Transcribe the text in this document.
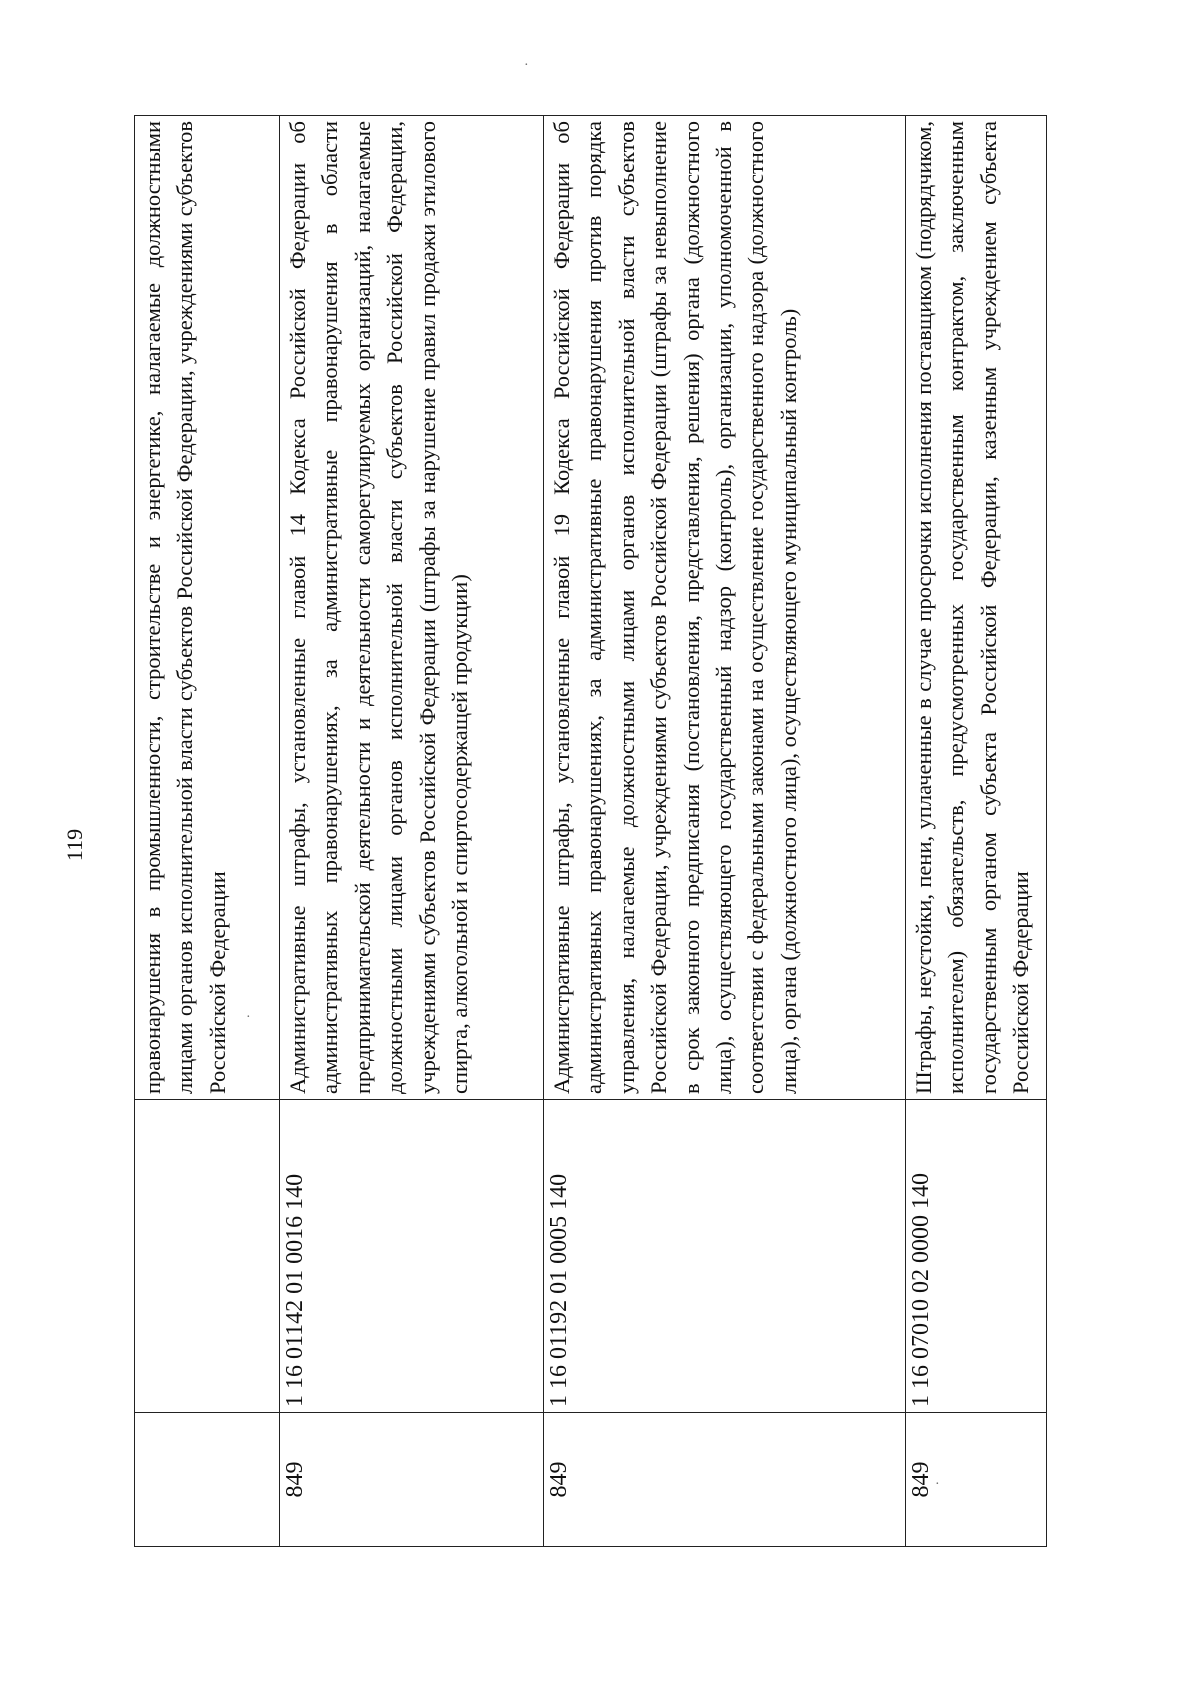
119
·
·
·
		правонарушения в промышленности, строительстве и энергетике, налагаемые должностными лицами органов исполнительной власти субъектов Российской Федерации, учреждениями субъектов Российской Федерации
849	1 16 01142 01 0016 140	Административные штрафы, установленные главой 14 Кодекса Российской Федерации об административных правонарушениях, за административные правонарушения в области предпринимательской деятельности и деятельности саморегулируемых организаций, налагаемые должностными лицами органов исполнительной власти субъектов Российской Федерации, учреждениями субъектов Российской Федерации (штрафы за нарушение правил продажи этилового спирта, алкогольной и спиртосодержащей продукции)
849	1 16 01192 01 0005 140	Административные штрафы, установленные главой 19 Кодекса Российской Федерации об административных правонарушениях, за административные правонарушения против порядка управления, налагаемые должностными лицами органов исполнительной власти субъектов Российской Федерации, учреждениями субъектов Российской Федерации (штрафы за невыполнение в срок законного предписания (постановления, представления, решения) органа (должностного лица), осуществляющего государственный надзор (контроль), организации, уполномоченной в соответствии с федеральными законами на осуществление государственного надзора (должностного лица), органа (должностного лица), осуществляющего муниципальный контроль)
849	1 16 07010 02 0000 140	Штрафы, неустойки, пени, уплаченные в случае просрочки исполнения поставщиком (подрядчиком, исполнителем) обязательств, предусмотренных государственным контрактом, заключенным государственным органом субъекта Российской Федерации, казенным учреждением субъекта Российской Федерации
